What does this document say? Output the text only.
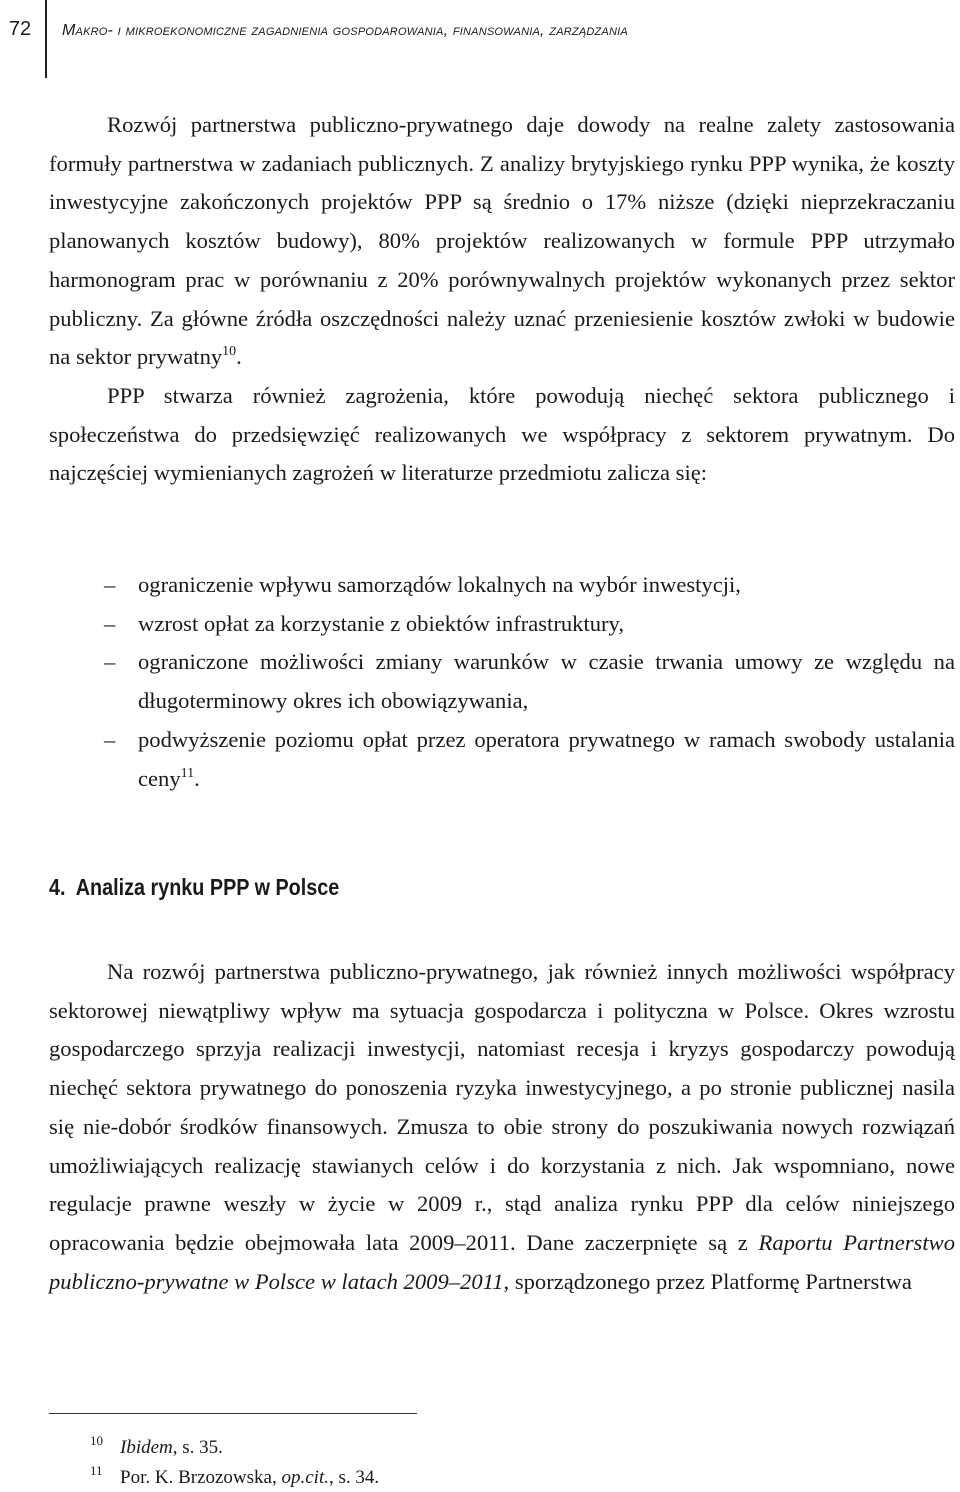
72	Makro- i mikroekonomiczne zagadnienia gospodarowania, finansowania, zarządzania

Rozwój partnerstwa publiczno-prywatnego daje dowody na realne zalety zastosowania formuły partnerstwa w zadaniach publicznych. Z analizy brytyjskiego rynku PPP wynika, że koszty inwestycyjne zakończonych projektów PPP są średnio o 17% niższe (dzięki nieprzekraczaniu planowanych kosztów budowy), 80% projektów realizowanych w formule PPP utrzymało harmonogram prac w porównaniu z 20% porównywalnych projektów wykonanych przez sektor publiczny. Za główne źródła oszczędności należy uznać przeniesienie kosztów zwłoki w budowie na sektor prywatny$^{10}$.

PPP stwarza również zagrożenia, które powodują niechęć sektora publicznego i społeczeństwa do przedsięwzięć realizowanych we współpracy z sektorem prywatnym. Do najczęściej wymienianych zagrożeń w literaturze przedmiotu zalicza się:

–	ograniczenie wpływu samorządów lokalnych na wybór inwestycji,
–	wzrost opłat za korzystanie z obiektów infrastruktury,
–	ograniczone możliwości zmiany warunków w czasie trwania umowy ze względu na długoterminowy okres ich obowiązywania,
–	podwyższenie poziomu opłat przez operatora prywatnego w ramach swobody ustalania ceny$^{11}$.
4. Analiza rynku PPP w Polsce

Na rozwój partnerstwa publiczno-prywatnego, jak również innych możliwości współpracy sektorowej niewątpliwy wpływ ma sytuacja gospodarcza i polityczna w Polsce. Okres wzrostu gospodarczego sprzyja realizacji inwestycji, natomiast recesja i kryzys gospodarczy powodują niechęć sektora prywatnego do ponoszenia ryzyka inwestycyjnego, a po stronie publicznej nasila się nie-dobór środków finansowych. Zmusza to obie strony do poszukiwania nowych rozwiązań umożliwiających realizację stawianych celów i do korzystania z nich. Jak wspomniano, nowe regulacje prawne weszły w życie w 2009 r., stąd analiza rynku PPP dla celów niniejszego opracowania będzie obejmowała lata 2009–2011. Dane zaczerpnięte są z Raportu Partnerstwo publiczno-prywatne w Polsce w latach 2009–2011, sporządzonego przez Platformę Partnerstwa

10 Ibidem, s. 35.
11 Por. K. Brzozowska, op.cit., s. 34.
